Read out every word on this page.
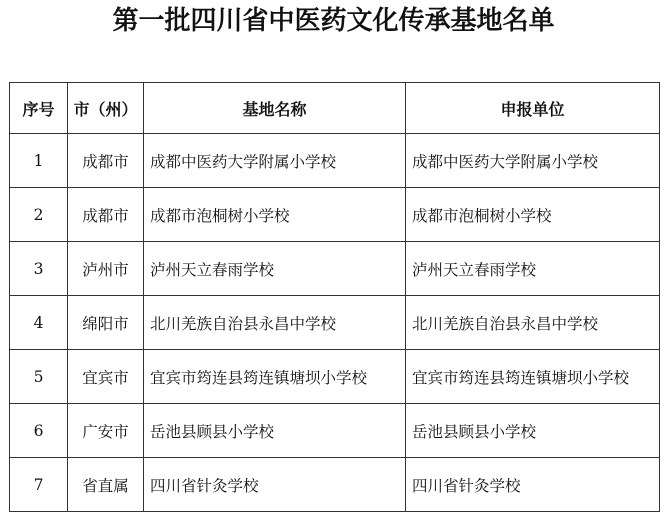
第一批四川省中医药文化传承基地名单
序号	市（州）	基地名称	申报单位
1	成都市	成都中医药大学附属小学校	成都中医药大学附属小学校
2	成都市	成都市泡桐树小学校	成都市泡桐树小学校
3	泸州市	泸州天立春雨学校	泸州天立春雨学校
4	绵阳市	北川羌族自治县永昌中学校	北川羌族自治县永昌中学校
5	宜宾市	宜宾市筠连县筠连镇塘坝小学校	宜宾市筠连县筠连镇塘坝小学校
6	广安市	岳池县顾县小学校	岳池县顾县小学校
7	省直属	四川省针灸学校	四川省针灸学校
